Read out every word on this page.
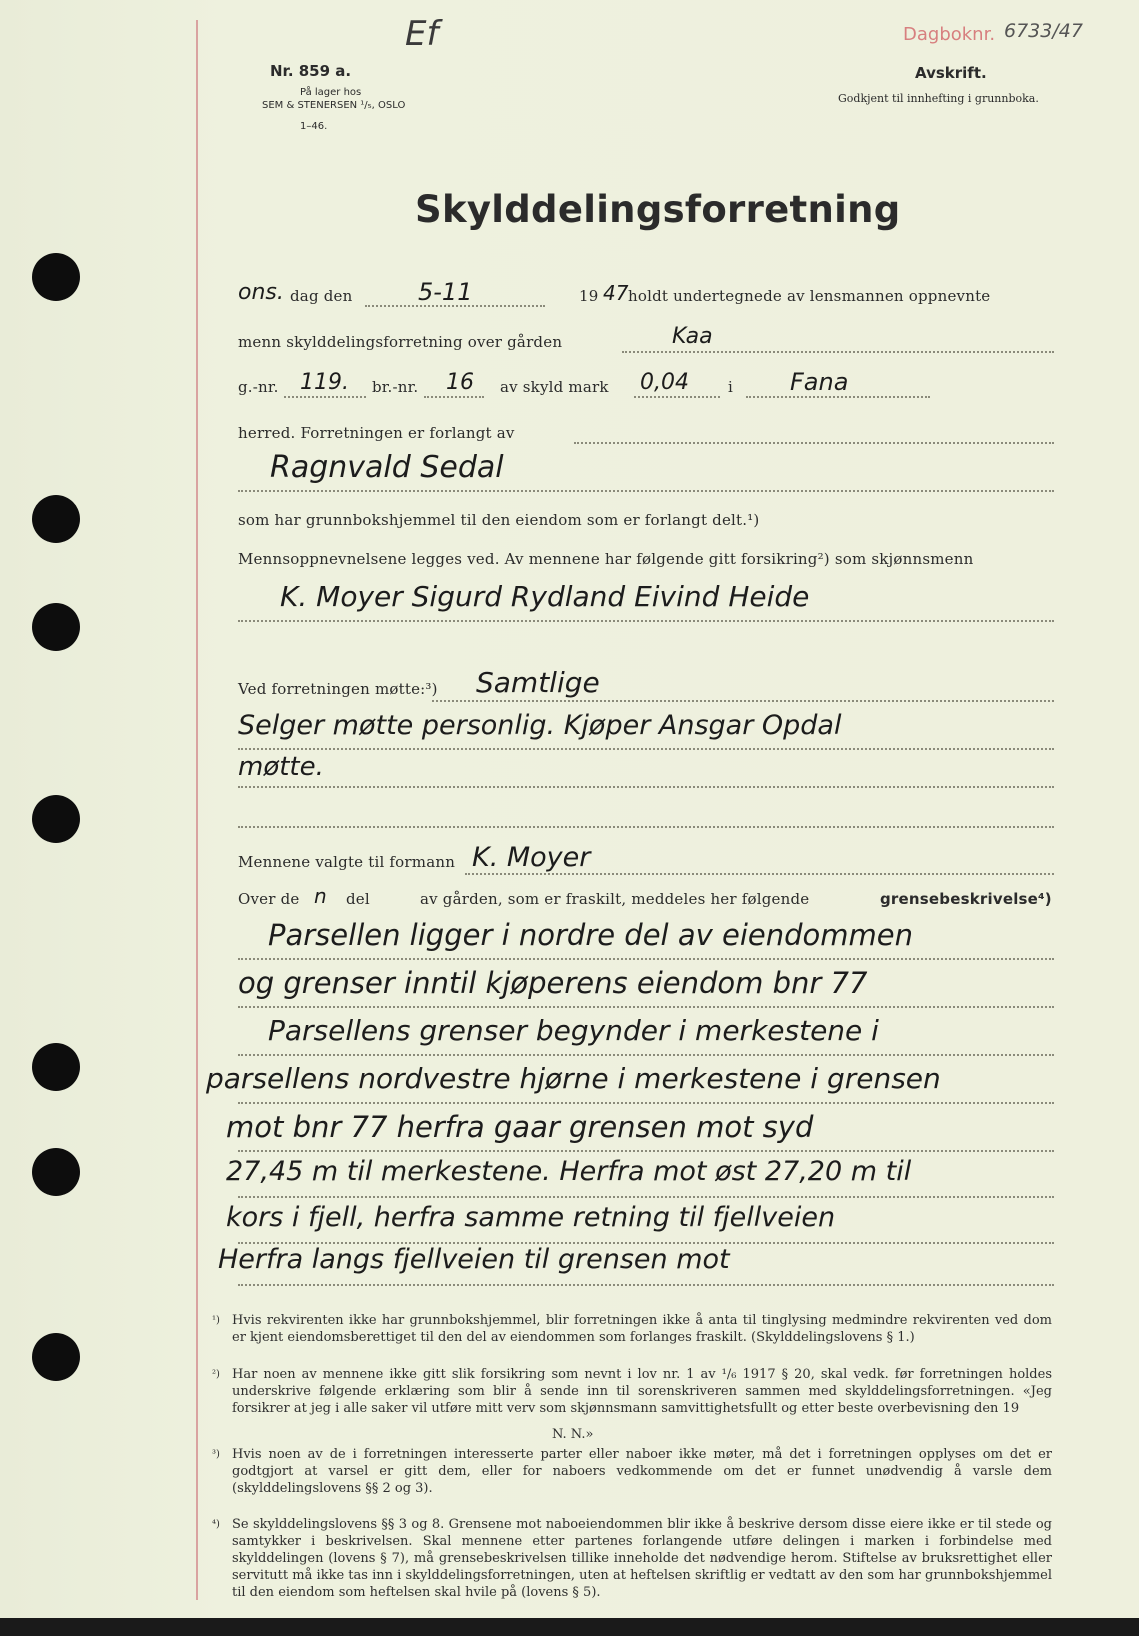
Nr. 859 a.
På lager hos
SEM & STENERSEN ¹/₅, OSLO
1–46.
Ef	Dagboknr. 6733/47
Avskrift.
Godkjent til innhefting i grunnboka.
Skylddelingsforretning
ons. dag den	5-11	19 47 holdt undertegnede av lensmannen oppnevnte
menn skylddelingsforretning over gården	Kaa
g.-nr. 119. br.-nr. 16 av skyld mark 0,04	i Fana
herred. Forretningen er forlangt av
Ragnvald Sedal
som har grunnbokshjemmel til den eiendom som er forlangt delt.¹)
Mennsoppnevnelsene legges ved. Av mennene har følgende gitt forsikring²) som skjønnsmenn
K. Moyer Sigurd Rydland Eivind Heide
Ved forretningen møtte:³) Samtlige
Selger møtte personlig. Kjøper Ansgar Opdal
møtte.
Mennene valgte til formann K. Moyer
Over de n del	av gården, som er fraskilt, meddeles her følgende	grensebeskrivelse⁴)
Parsellen ligger i nordre del av eiendommen
og grenser inntil kjøperens eiendom bnr 77
Parsellens grenser begynder i merkestene i
parsellens nordvestre hjørne i merkestene i grensen
mot bnr 77 herfra gaar grensen mot syd
27,45 m til merkestene. Herfra mot øst 27,20 m til
kors i fjell, herfra samme retning til fjellveien
Herfra langs fjellveien til grensen mot
¹) Hvis rekvirenten ikke har grunnbokshjemmel, blir forretningen ikke å anta til tinglysing medmindre rekvirenten ved dom er kjent eiendomsberettiget til den del av eiendommen som forlanges fraskilt. (Skylddelingslovens § 1.)
²) Har noen av mennene ikke gitt slik forsikring som nevnt i lov nr. 1 av ¹/₆ 1917 § 20, skal vedk. før forretningen holdes underskrive følgende erklæring som blir å sende inn til sorenskriveren sammen med skylddelingsforretningen. «Jeg forsikrer at jeg i alle saker vil utføre mitt verv som skjønnsmann samvittighetsfullt og etter beste overbevisning den 19
N. N.»
³) Hvis noen av de i forretningen interesserte parter eller naboer ikke møter, må det i forretningen opplyses om det er godtgjort at varsel er gitt dem, eller for naboers vedkommende om det er funnet unødvendig å varsle dem (skylddelingslovens §§ 2 og 3).
⁴) Se skylddelingslovens §§ 3 og 8. Grensene mot naboeiendommen blir ikke å beskrive dersom disse eiere ikke er til stede og samtykker i beskrivelsen. Skal mennene etter partenes forlangende utføre delingen i marken i forbindelse med skylddelingen (lovens § 7), må grensebeskrivelsen tillike inneholde det nødvendige herom. Stiftelse av bruksrettighet eller servitutt må ikke tas inn i skylddelingsforretningen, uten at heftelsen skriftlig er vedtatt av den som har grunnbokshjemmel til den eiendom som heftelsen skal hvile på (lovens § 5).
